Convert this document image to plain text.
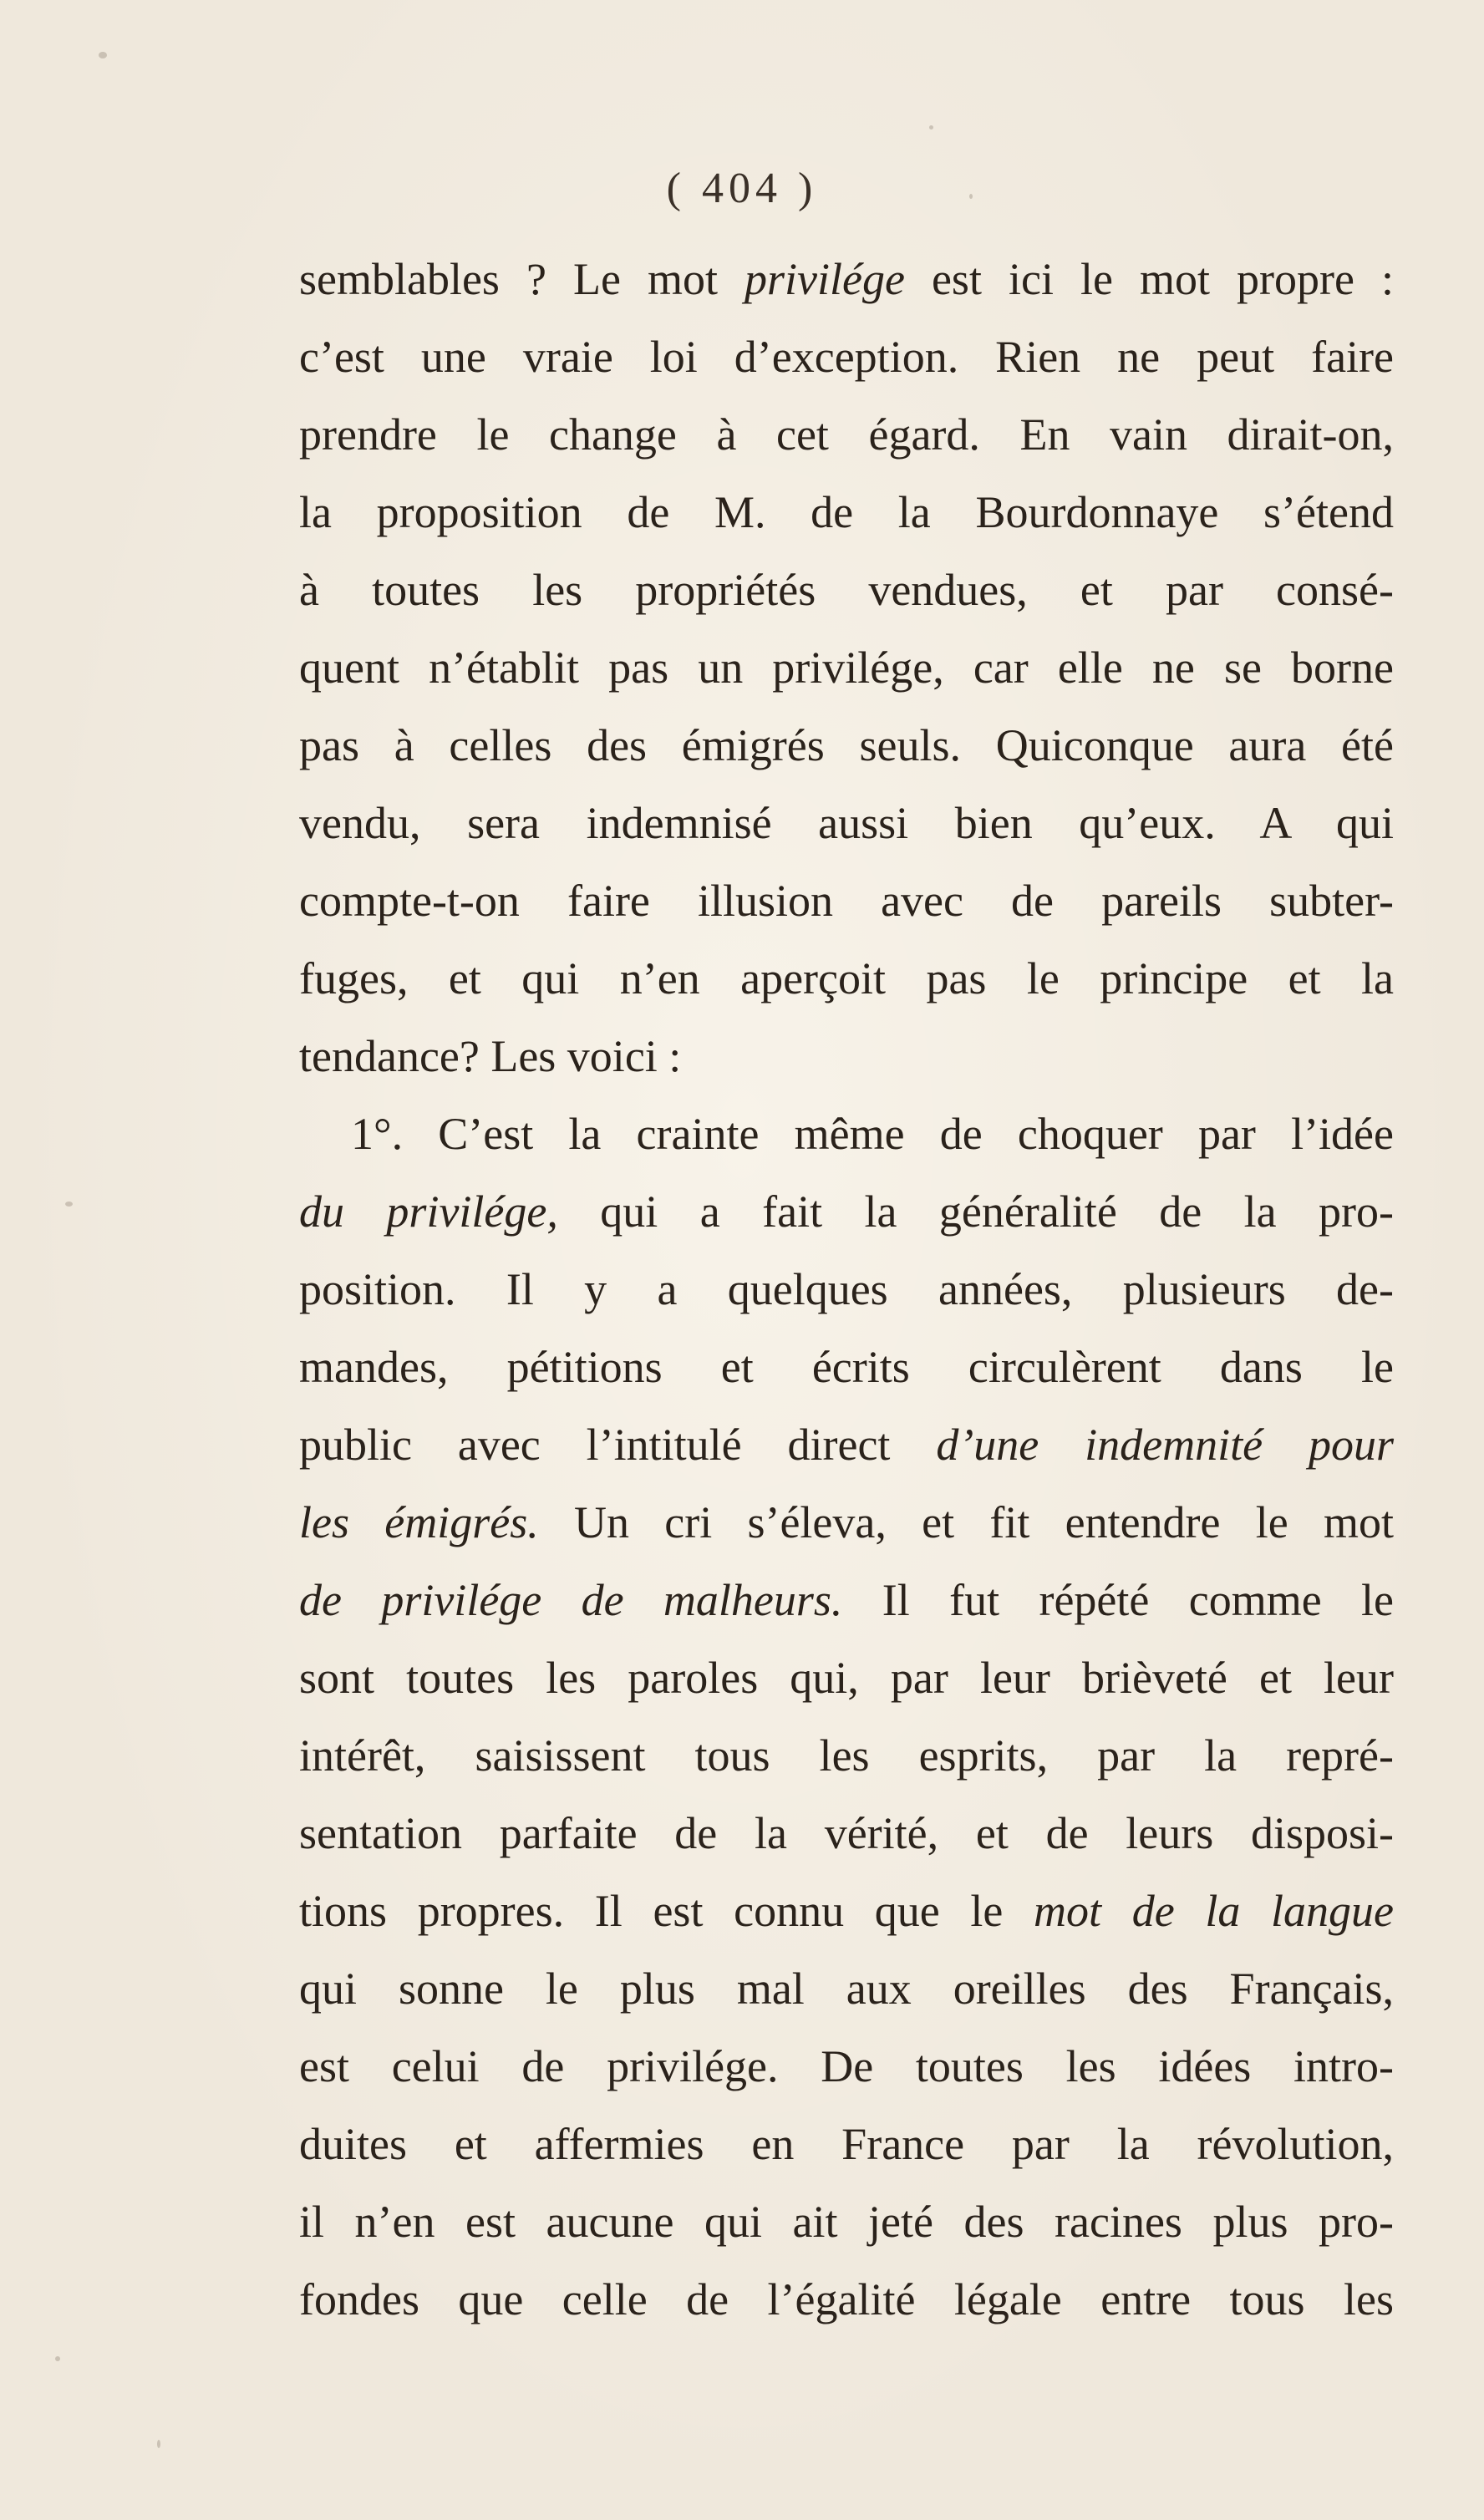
( 404 )
semblables ? Le mot privilége est ici le mot propre :
c’est une vraie loi d’exception. Rien ne peut faire
prendre le change à cet égard. En vain dirait-on,
la proposition de M. de la Bourdonnaye s’étend
à toutes les propriétés vendues, et par consé-
quent n’établit pas un privilége, car elle ne se borne
pas à celles des émigrés seuls. Quiconque aura été
vendu, sera indemnisé aussi bien qu’eux. A qui
compte-t-on faire illusion avec de pareils subter-
fuges, et qui n’en aperçoit pas le principe et la
tendance? Les voici :
1°. C’est la crainte même de choquer par l’idée
du privilége, qui a fait la généralité de la pro-
position. Il y a quelques années, plusieurs de-
mandes, pétitions et écrits circulèrent dans le
public avec l’intitulé direct d’une indemnité pour
les émigrés. Un cri s’éleva, et fit entendre le mot
de privilége de malheurs. Il fut répété comme le
sont toutes les paroles qui, par leur brièveté et leur
intérêt, saisissent tous les esprits, par la repré-
sentation parfaite de la vérité, et de leurs disposi-
tions propres. Il est connu que le mot de la langue
qui sonne le plus mal aux oreilles des Français,
est celui de privilége. De toutes les idées intro-
duites et affermies en France par la révolution,
il n’en est aucune qui ait jeté des racines plus pro-
fondes que celle de l’égalité légale entre tous les
